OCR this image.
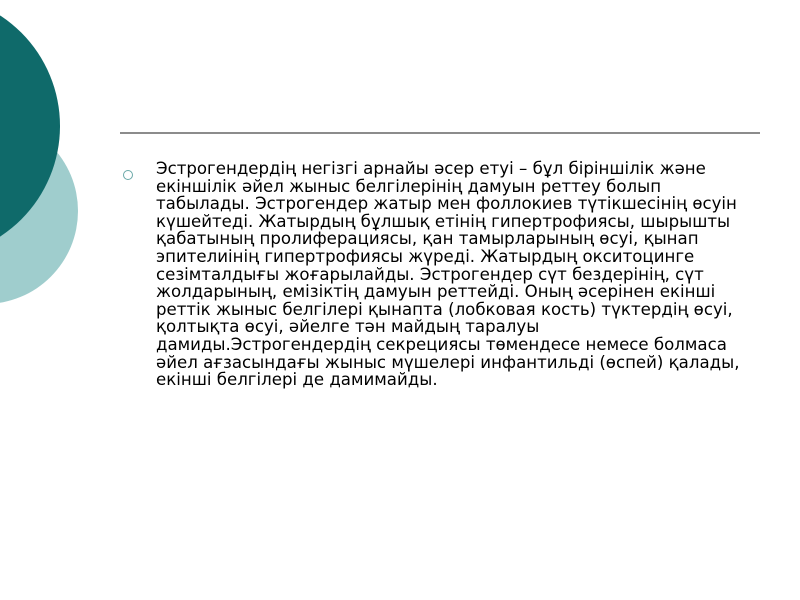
Эстрогендердің негізгі арнайы әсер етуі – бұл біріншілік және екіншілік әйел жыныс белгілерінің дамуын реттеу болып табылады. Эстрогендер жатыр мен фоллокиев түтікшесінің өсуін күшейтеді. Жатырдың бұлшық етінің гипертрофиясы, шырышты қабатының пролиферациясы, қан тамырларының өсуі, қынап эпителиінің гипертрофиясы жүреді. Жатырдың окситоцинге сезімталдығы жоғарылайды. Эстрогендер сүт бездерінің, сүт жолдарының, емізіктің дамуын реттейді. Оның әсерінен екінші реттік жыныс белгілері қынапта (лобковая кость) түктердің өсуі, қолтықта өсуі, әйелге тән майдың таралуы дамиды.Эстрогендердің секрециясы төмендесе немесе болмаса әйел ағзасындағы жыныс мүшелері инфантильді (өспей) қалады, екінші белгілері де дамимайды.
